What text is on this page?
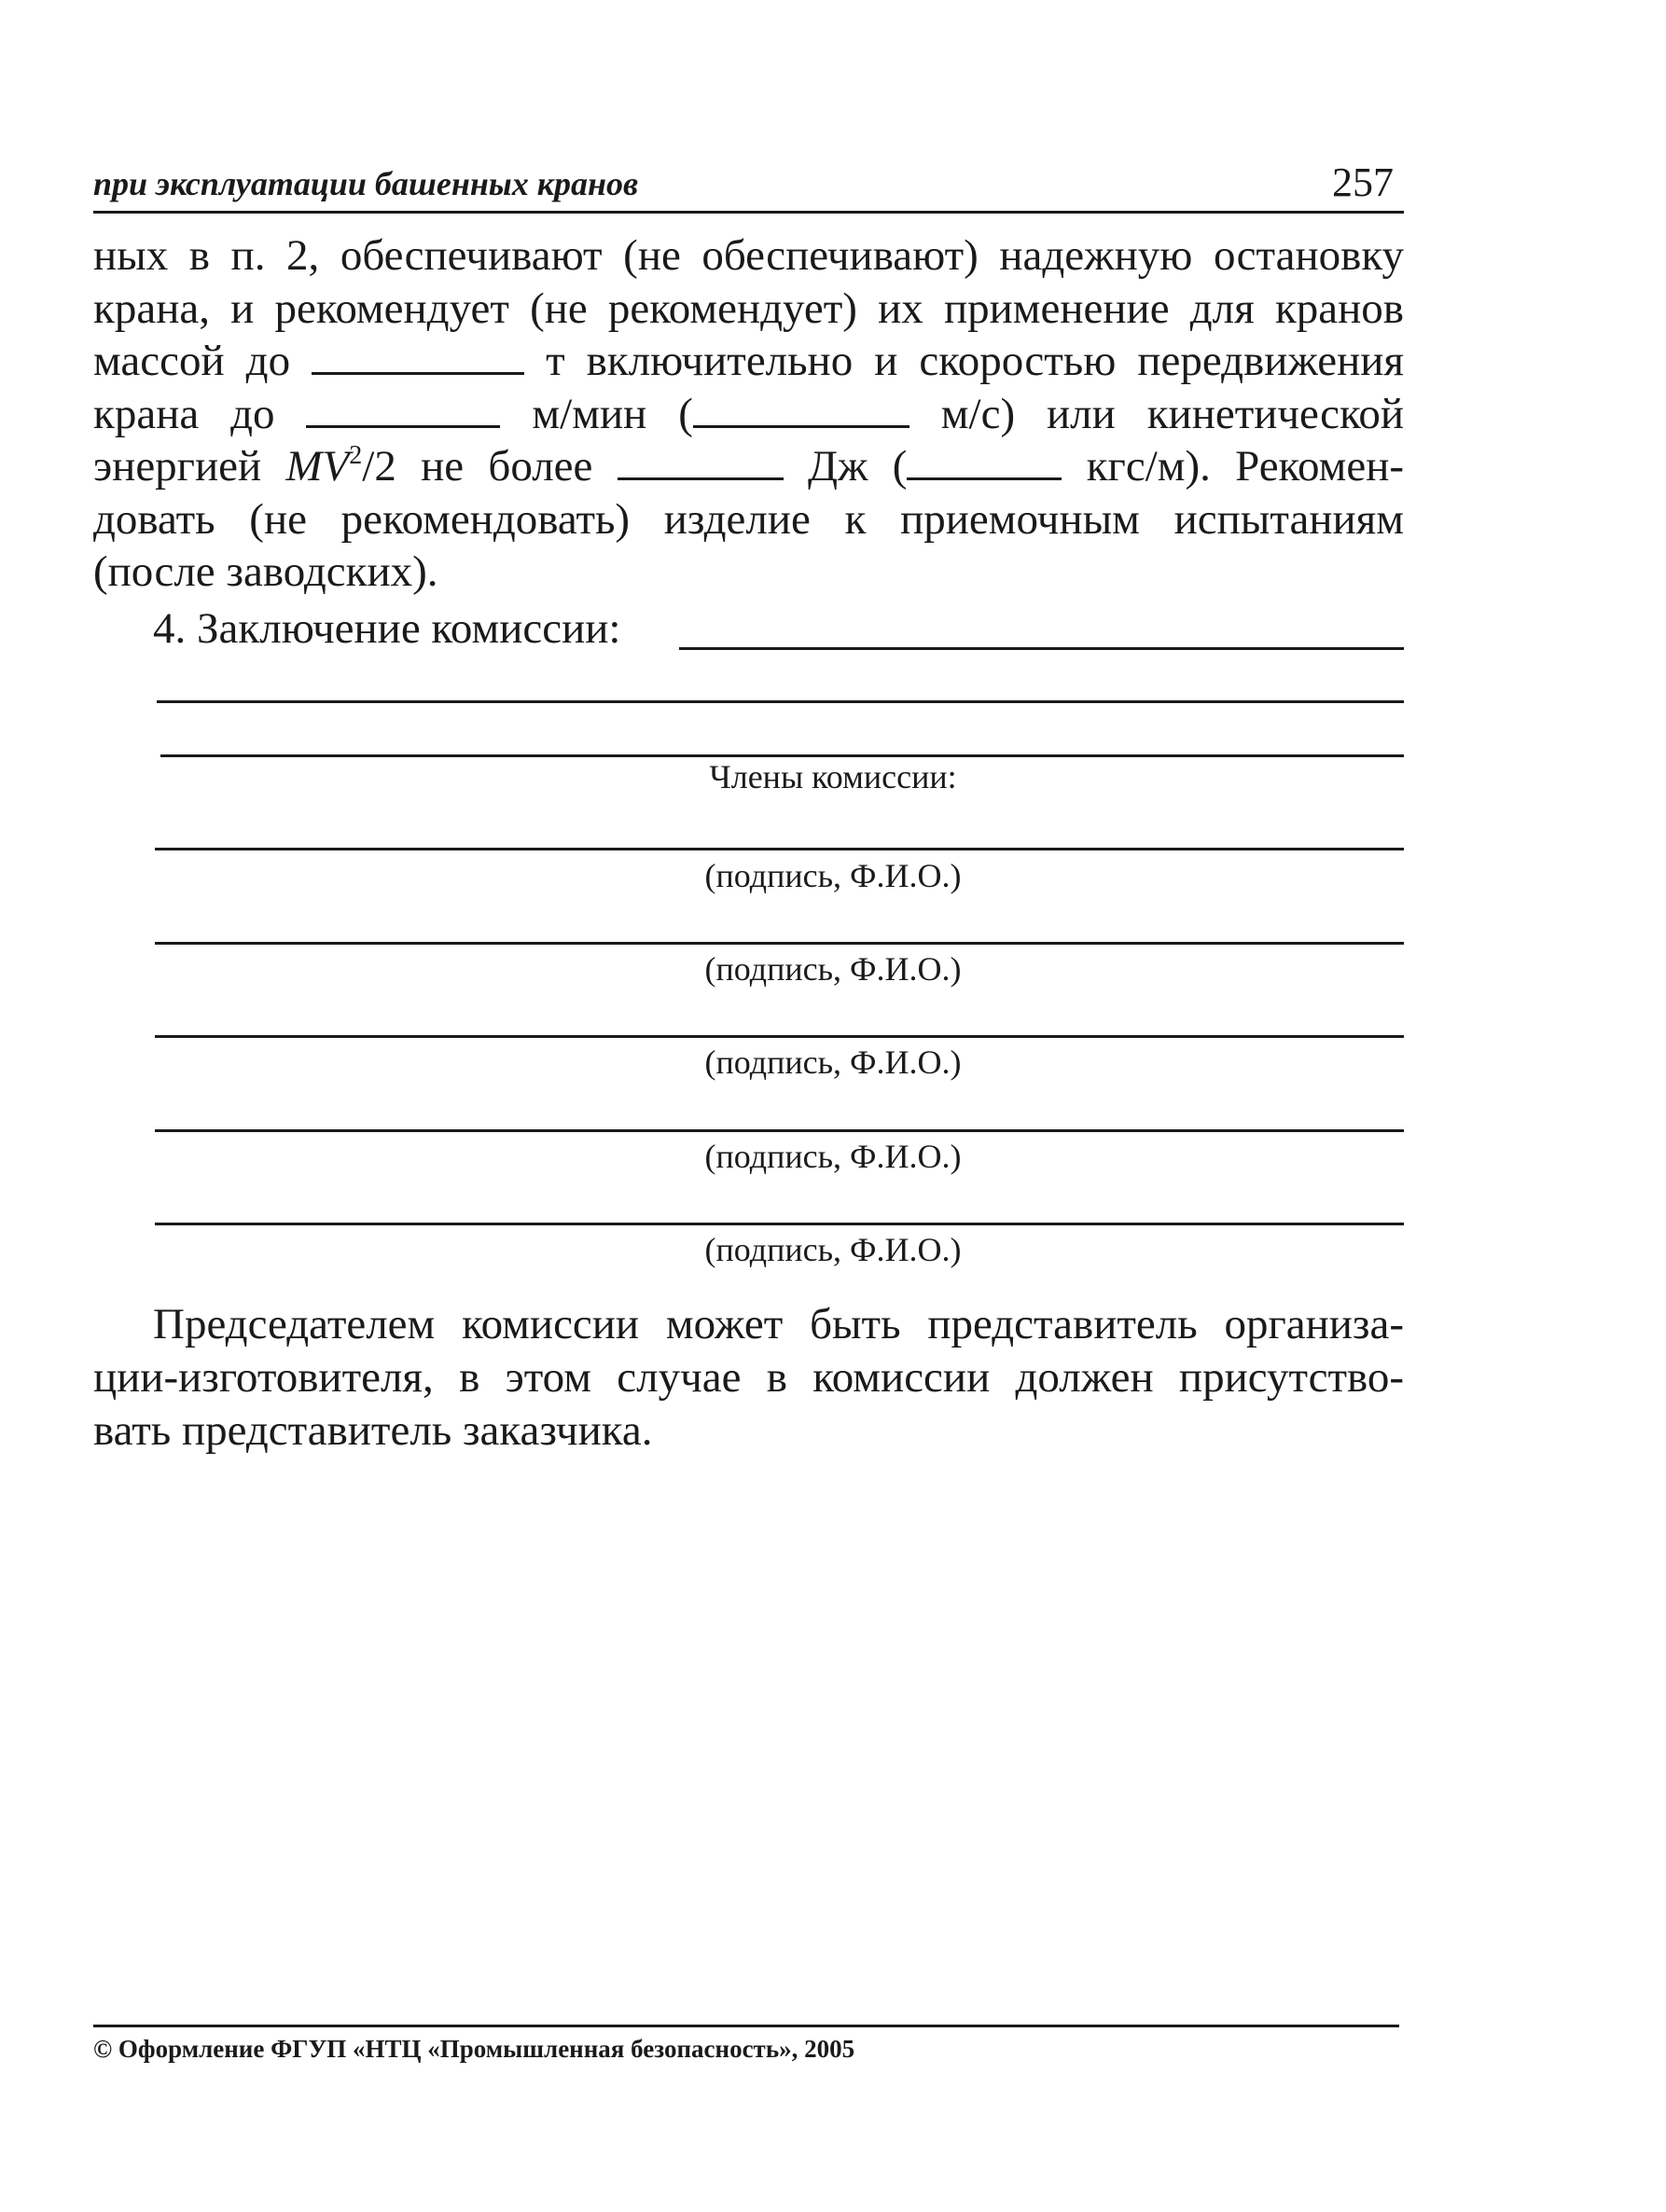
при эксплуатации башенных кранов	257
ных в п. 2, обеспечивают (не обеспечивают) надежную остановку
крана, и рекомендует (не рекомендует) их применение для кранов
массой до	т включительно и скоростью передвижения
крана до	м/мин (	м/с) или кинетической
энергией $MV^2/2$ не более	Дж (	кгс/м). Рекомен-
довать (не рекомендовать) изделие к приемочным испытаниям
(после заводских).
4. Заключение комиссии:
Члены комиссии:
(подпись, Ф.И.О.)
(подпись, Ф.И.О.)
(подпись, Ф.И.О.)
(подпись, Ф.И.О.)
(подпись, Ф.И.О.)
Председателем комиссии может быть представитель организа-
ции-изготовителя, в этом случае в комиссии должен присутство-
вать представитель заказчика.
© Оформление ФГУП «НТЦ «Промышленная безопасность», 2005
